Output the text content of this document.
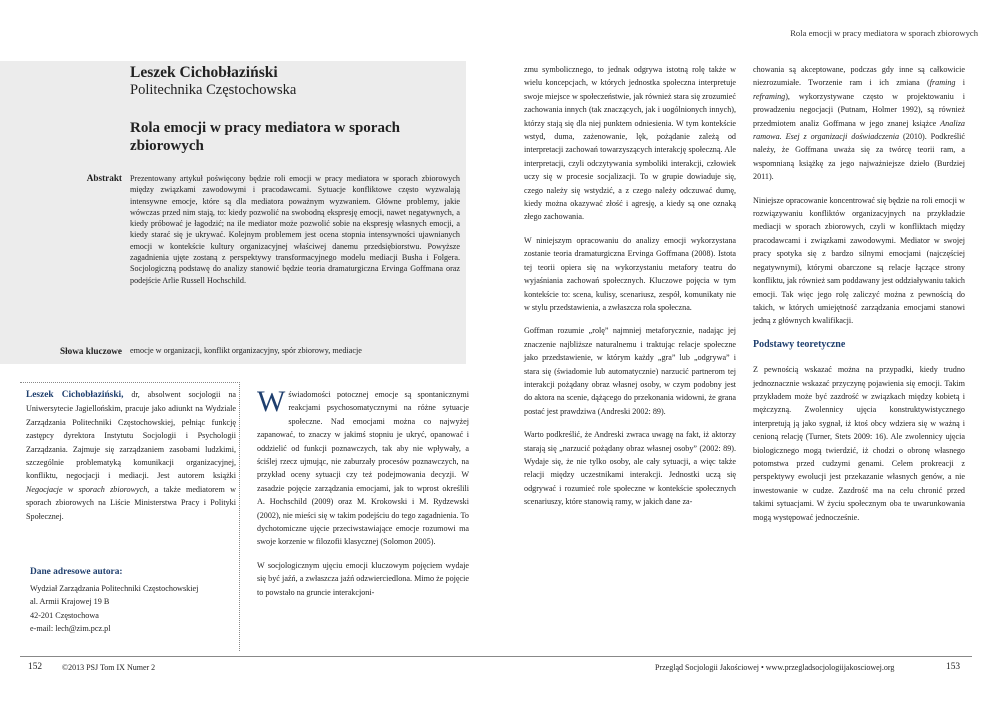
Rola emocji w pracy mediatora w sporach zbiorowych
Leszek Cichobłaziński
Politechnika Częstochowska
Rola emocji w pracy mediatora w sporach zbiorowych
Abstrakt Prezentowany artykuł poświęcony będzie roli emocji w pracy mediatora w sporach zbiorowych między związkami zawodowymi i pracodawcami. Sytuacje konfliktowe często wyzwalają intensywne emocje, które są dla mediatora poważnym wyzwaniem. Główne problemy, jakie wówczas przed nim stają, to: kiedy pozwolić na swobodną ekspresję emocji, nawet negatywnych, a kiedy próbować je łagodzić; na ile mediator może pozwolić sobie na ekspresję własnych emocji, a kiedy starać się je ukrywać. Kolejnym problemem jest ocena stopnia intensywności ujawnianych emocji w kontekście kultury organizacyjnej właściwej danemu przedsiębiorstwu. Powyższe zagadnienia ujęte zostaną z perspektywy transformacyjnego modelu mediacji Busha i Folgera. Socjologiczną podstawę do analizy stanowić będzie teoria dramaturgiczna Ervinga Goffmana oraz podejście Arlie Russell Hochschild.
Słowa kluczowe emocje w organizacji, konflikt organizacyjny, spór zbiorowy, mediacje
Leszek Cichobłaziński, dr, absolwent socjologii na Uniwersytecie Jagiellońskim, pracuje jako adiunkt na Wydziale Zarządzania Politechniki Częstochowskiej, pełniąc funkcję zastępcy dyrektora Instytutu Socjologii i Psychologii Zarządzania. Zajmuje się zarządzaniem zasobami ludzkimi, szczególnie problematyką komunikacji organizacyjnej, konfliktu, negocjacji i mediacji. Jest autorem książki Negocjacje w sporach zbiorowych, a także mediatorem w sporach zbiorowych na Liście Ministerstwa Pracy i Polityki Społecznej.
Dane adresowe autora:
Wydział Zarządzania Politechniki Częstochowskiej
al. Armii Krajowej 19 B
42-201 Częstochowa
e-mail: lech@zim.pcz.pl

Wświadomości potocznej emocje są spontanicznymi reakcjami psychosomatycznymi na różne sytuacje społeczne. Nad emocjami można co najwyżej zapanować, to znaczy w jakimś stopniu je ukryć, opanować i oddzielić od funkcji poznawczych, tak aby nie wpływały, a ściślej rzecz ujmując, nie zaburzały procesów poznawczych, na przykład oceny sytuacji czy też podejmowania decyzji. W zasadzie pojęcie zarządzania emocjami, jak to wprost określili A. Hochschild (2009) oraz M. Krokowski i M. Rydzewski (2002), nie mieści się w takim podejściu do tego zagadnienia. To dychotomiczne ujęcie przeciwstawiające emocje rozumowi ma swoje korzenie w filozofii klasycznej (Solomon 2005).

W socjologicznym ujęciu emocji kluczowym pojęciem wydaje się być jaźń, a zwłaszcza jaźń odzwierciedlona. Mimo że pojęcie to powstało na gruncie interakcjoni-

zmu symbolicznego, to jednak odgrywa istotną rolę także w wielu koncepcjach, w których jednostka społeczna interpretuje swoje miejsce w społeczeństwie, jak również stara się zrozumieć zachowania innych (tak znaczących, jak i uogólnionych innych), którzy stają się dla niej punktem odniesienia. W tym kontekście wstyd, duma, zażenowanie, lęk, pożądanie zależą od interpretacji zachowań towarzyszących interakcję społeczną. Ale interpretacji, czyli odczytywania symboliki interakcji, człowiek uczy się w procesie socjalizacji. To w grupie dowiaduje się, czego należy się wstydzić, a z czego należy odczuwać dumę, kiedy można okazywać złość i agresję, a kiedy są one oznaką złego zachowania.

W niniejszym opracowaniu do analizy emocji wykorzystana zostanie teoria dramaturgiczna Ervinga Goffmana (2008). Istota tej teorii opiera się na wykorzystaniu metafory teatru do wyjaśniania zachowań społecznych. Kluczowe pojęcia w tym kontekście to: scena, kulisy, scenariusz, zespół, komunikaty nie w stylu przedstawienia, a zwłaszcza rola społeczna.

Goffman rozumie „rolę” najmniej metaforycznie, nadając jej znaczenie najbliższe naturalnemu i traktując relacje społeczne jako przedstawienie, w którym każdy „gra” lub „odgrywa” i stara się (świadomie lub automatycznie) narzucić partnerom tej interakcji pożądany obraz własnej osoby, w czym podobny jest do aktora na scenie, dążącego do przekonania widowni, że grana postać jest prawdziwa (Andreski 2002: 89).

Warto podkreślić, że Andreski zwraca uwagę na fakt, iż aktorzy starają się „narzucić pożądany obraz własnej osoby” (2002: 89). Wydaje się, że nie tylko osoby, ale cały sytuacji, a więc także relacji między uczestnikami interakcji. Jednostki uczą się odgrywać i rozumieć role społeczne w kontekście społecznych scenariuszy, które stanowią ramy, w jakich dane za-

chowania są akceptowane, podczas gdy inne są całkowicie niezrozumiałe. Tworzenie ram i ich zmiana (framing i reframing), wykorzystywane często w projektowaniu i prowadzeniu negocjacji (Putnam, Holmer 1992), są również przedmiotem analiz Goffmana w jego znanej książce Analiza ramowa. Esej z organizacji doświadczenia (2010). Podkreślić należy, że Goffmana uważa się za twórcę teorii ram, a wspomnianą książkę za jego najważniejsze dzieło (Burdziej 2011).

Niniejsze opracowanie koncentrować się będzie na roli emocji w rozwiązywaniu konfliktów organizacyjnych na przykładzie mediacji w sporach zbiorowych, czyli w konfliktach między pracodawcami i związkami zawodowymi. Mediator w swojej pracy spotyka się z bardzo silnymi emocjami (najczęściej negatywnymi), którymi obarczone są relacje łączące strony konfliktu, jak również sam poddawany jest oddziaływaniu takich emocji. Tak więc jego rolę zaliczyć można z pewnością do takich, w których umiejętność zarządzania emocjami stanowi jedną z głównych kwalifikacji.

Podstawy teoretyczne

Z pewnością wskazać można na przypadki, kiedy trudno jednoznacznie wskazać przyczynę pojawienia się emocji. Takim przykładem może być zazdrość w związkach między kobietą i mężczyzną. Zwolennicy ujęcia konstruktywistycznego interpretują ją jako sygnał, iż ktoś obcy wdziera się w ważną i cenioną relację (Turner, Stets 2009: 16). Ale zwolennicy ujęcia biologicznego mogą twierdzić, iż chodzi o obronę własnego potomstwa przed cudzymi genami. Celem prokreacji z perspektywy ewolucji jest przekazanie własnych genów, a nie inwestowanie w cudze. Zazdrość ma na celu chronić przed takimi sytuacjami. W życiu społecznym oba te uwarunkowania mogą występować jednocześnie.

152 ©2013 PSJ Tom IX Numer 2	Przegląd Socjologii Jakościowej • www.przegladsocjologiijakosciowej.org	153
